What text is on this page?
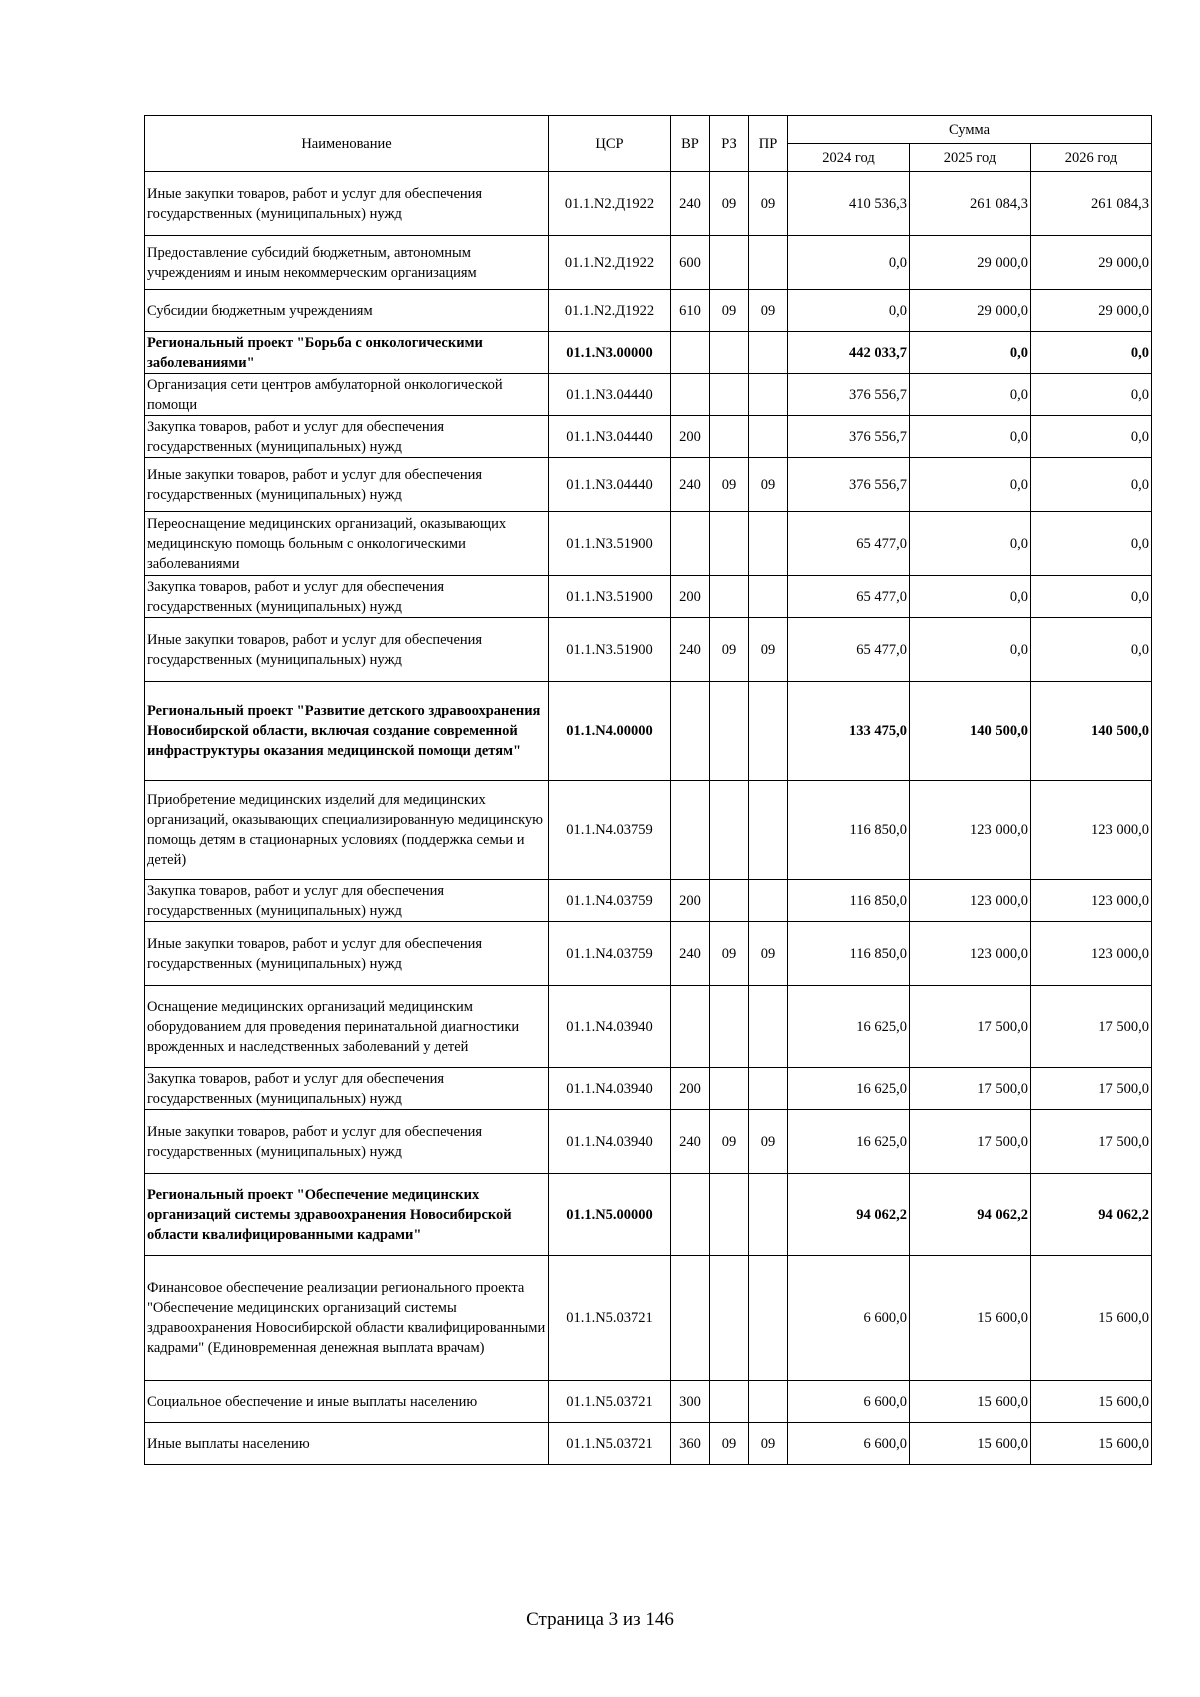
Наименование	ЦСР	ВР	РЗ	ПР	Сумма		
					2024 год	2025 год	2026 год
Иные закупки товаров, работ и услуг для обеспечения государственных (муниципальных) нужд	01.1.N2.Д1922	240	09	09	410 536,3	261 084,3	261 084,3
Предоставление субсидий бюджетным, автономным учреждениям и иным некоммерческим организациям	01.1.N2.Д1922	600			0,0	29 000,0	29 000,0
Субсидии бюджетным учреждениям	01.1.N2.Д1922	610	09	09	0,0	29 000,0	29 000,0
Региональный проект "Борьба с онкологическими заболеваниями"	01.1.N3.00000				442 033,7	0,0	0,0
Организация сети центров амбулаторной онкологической помощи	01.1.N3.04440				376 556,7	0,0	0,0
Закупка товаров, работ и услуг для обеспечения государственных (муниципальных) нужд	01.1.N3.04440	200			376 556,7	0,0	0,0
Иные закупки товаров, работ и услуг для обеспечения государственных (муниципальных) нужд	01.1.N3.04440	240	09	09	376 556,7	0,0	0,0
Переоснащение медицинских организаций, оказывающих медицинскую помощь больным с онкологическими заболеваниями	01.1.N3.51900				65 477,0	0,0	0,0
Закупка товаров, работ и услуг для обеспечения государственных (муниципальных) нужд	01.1.N3.51900	200			65 477,0	0,0	0,0
Иные закупки товаров, работ и услуг для обеспечения государственных (муниципальных) нужд	01.1.N3.51900	240	09	09	65 477,0	0,0	0,0
Региональный проект "Развитие детского здравоохранения Новосибирской области, включая создание современной инфраструктуры оказания медицинской помощи детям"	01.1.N4.00000				133 475,0	140 500,0	140 500,0
Приобретение медицинских изделий для медицинских организаций, оказывающих специализированную медицинскую помощь детям в стационарных условиях (поддержка семьи и детей)	01.1.N4.03759				116 850,0	123 000,0	123 000,0
Закупка товаров, работ и услуг для обеспечения государственных (муниципальных) нужд	01.1.N4.03759	200			116 850,0	123 000,0	123 000,0
Иные закупки товаров, работ и услуг для обеспечения государственных (муниципальных) нужд	01.1.N4.03759	240	09	09	116 850,0	123 000,0	123 000,0
Оснащение медицинских организаций медицинским оборудованием для проведения перинатальной диагностики врожденных и наследственных заболеваний у детей	01.1.N4.03940				16 625,0	17 500,0	17 500,0
Закупка товаров, работ и услуг для обеспечения государственных (муниципальных) нужд	01.1.N4.03940	200			16 625,0	17 500,0	17 500,0
Иные закупки товаров, работ и услуг для обеспечения государственных (муниципальных) нужд	01.1.N4.03940	240	09	09	16 625,0	17 500,0	17 500,0
Региональный проект "Обеспечение медицинских организаций системы здравоохранения Новосибирской области квалифицированными кадрами"	01.1.N5.00000				94 062,2	94 062,2	94 062,2
Финансовое обеспечение реализации регионального проекта "Обеспечение медицинских организаций системы здравоохранения Новосибирской области квалифицированными кадрами" (Единовременная денежная выплата врачам)	01.1.N5.03721				6 600,0	15 600,0	15 600,0
Социальное обеспечение и иные выплаты населению	01.1.N5.03721	300			6 600,0	15 600,0	15 600,0
Иные выплаты населению	01.1.N5.03721	360	09	09	6 600,0	15 600,0	15 600,0
Страница 3 из 146
